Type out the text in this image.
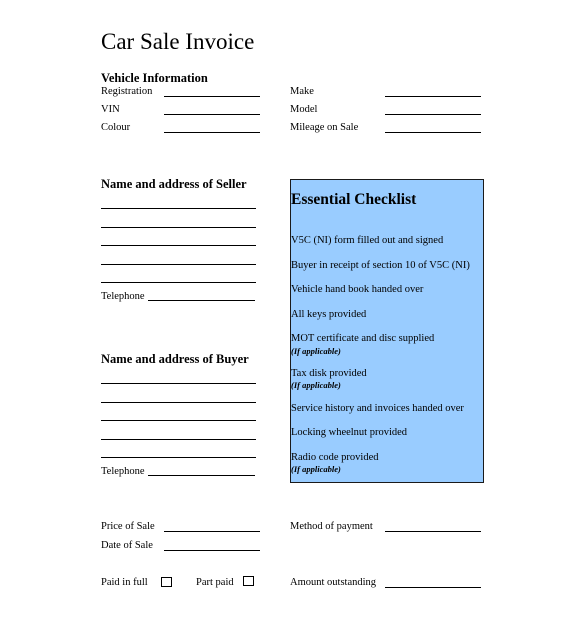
Car Sale Invoice
Vehicle Information
Registration
VIN
Colour
Make
Model
Mileage on Sale
Name and address of Seller
Telephone
Name and address of Buyer
Telephone
Essential Checklist
V5C (NI) form filled out and signed
Buyer in receipt of section 10 of V5C (NI)
Vehicle hand book handed over
All keys provided
MOT certificate and disc supplied
(If applicable)
Tax disk provided
(If applicable)
Service history and invoices handed over
Locking wheelnut provided
Radio code provided
(If applicable)
Price of Sale
Date of Sale
Method of payment
Paid in full	Part paid	Amount outstanding
